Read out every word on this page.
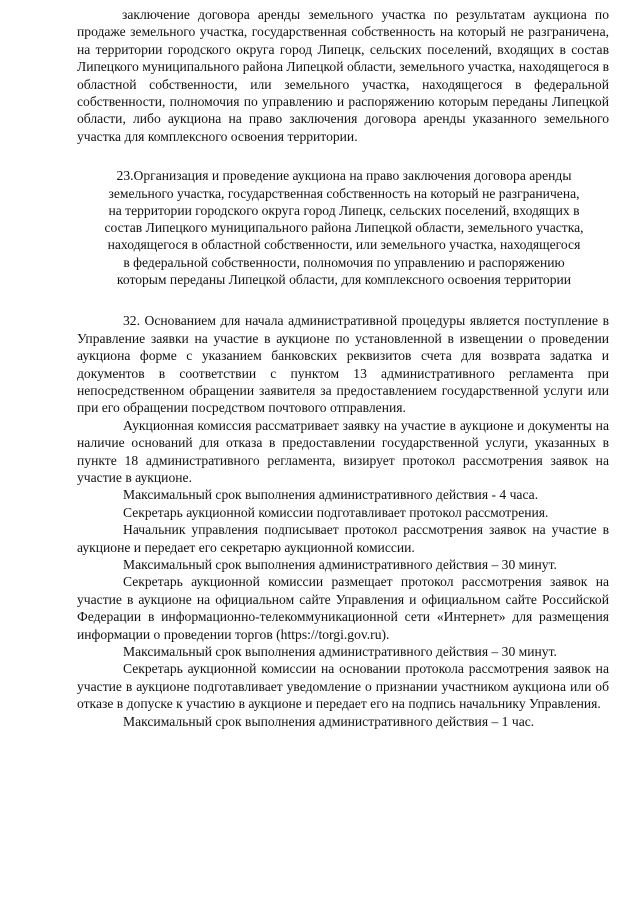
заключение договора аренды земельного участка по результатам аукциона по продаже земельного участка, государственная собственность на который не разграничена, на территории городского округа город Липецк, сельских поселений, входящих в состав Липецкого муниципального района Липецкой области, земельного участка, находящегося в областной собственности, или земельного участка, находящегося в федеральной собственности, полномочия по управлению и распоряжению которым переданы Липецкой области, либо аукциона на право заключения договора аренды указанного земельного участка для комплексного освоения территории.

23.Организация и проведение аукциона на право заключения договора аренды земельного участка, государственная собственность на который не разграничена, на территории городского округа город Липецк, сельских поселений, входящих в состав Липецкого муниципального района Липецкой области, земельного участка, находящегося в областной собственности, или земельного участка, находящегося в федеральной собственности, полномочия по управлению и распоряжению которым переданы Липецкой области, для комплексного освоения территории

32. Основанием для начала административной процедуры является поступление в Управление заявки на участие в аукционе по установленной в извещении о проведении аукциона форме с указанием банковских реквизитов счета для возврата задатка и документов в соответствии с пунктом 13 административного регламента при непосредственном обращении заявителя за предоставлением государственной услуги или при его обращении посредством почтового отправления.

Аукционная комиссия рассматривает заявку на участие в аукционе и документы на наличие оснований для отказа в предоставлении государственной услуги, указанных в пункте 18 административного регламента, визирует протокол рассмотрения заявок на участие в аукционе.

Максимальный срок выполнения административного действия - 4 часа.

Секретарь аукционной комиссии подготавливает протокол рассмотрения.

Начальник управления подписывает протокол рассмотрения заявок на участие в аукционе и передает его секретарю аукционной комиссии.

Максимальный срок выполнения административного действия – 30 минут.

Секретарь аукционной комиссии размещает протокол рассмотрения заявок на участие в аукционе на официальном сайте Управления и официальном сайте Российской Федерации в информационно-телекоммуникационной сети «Интернет» для размещения информации о проведении торгов (https://torgi.gov.ru).

Максимальный срок выполнения административного действия – 30 минут.

Секретарь аукционной комиссии на основании протокола рассмотрения заявок на участие в аукционе подготавливает уведомление о признании участником аукциона или об отказе в допуске к участию в аукционе и передает его на подпись начальнику Управления.

Максимальный срок выполнения административного действия – 1 час.
